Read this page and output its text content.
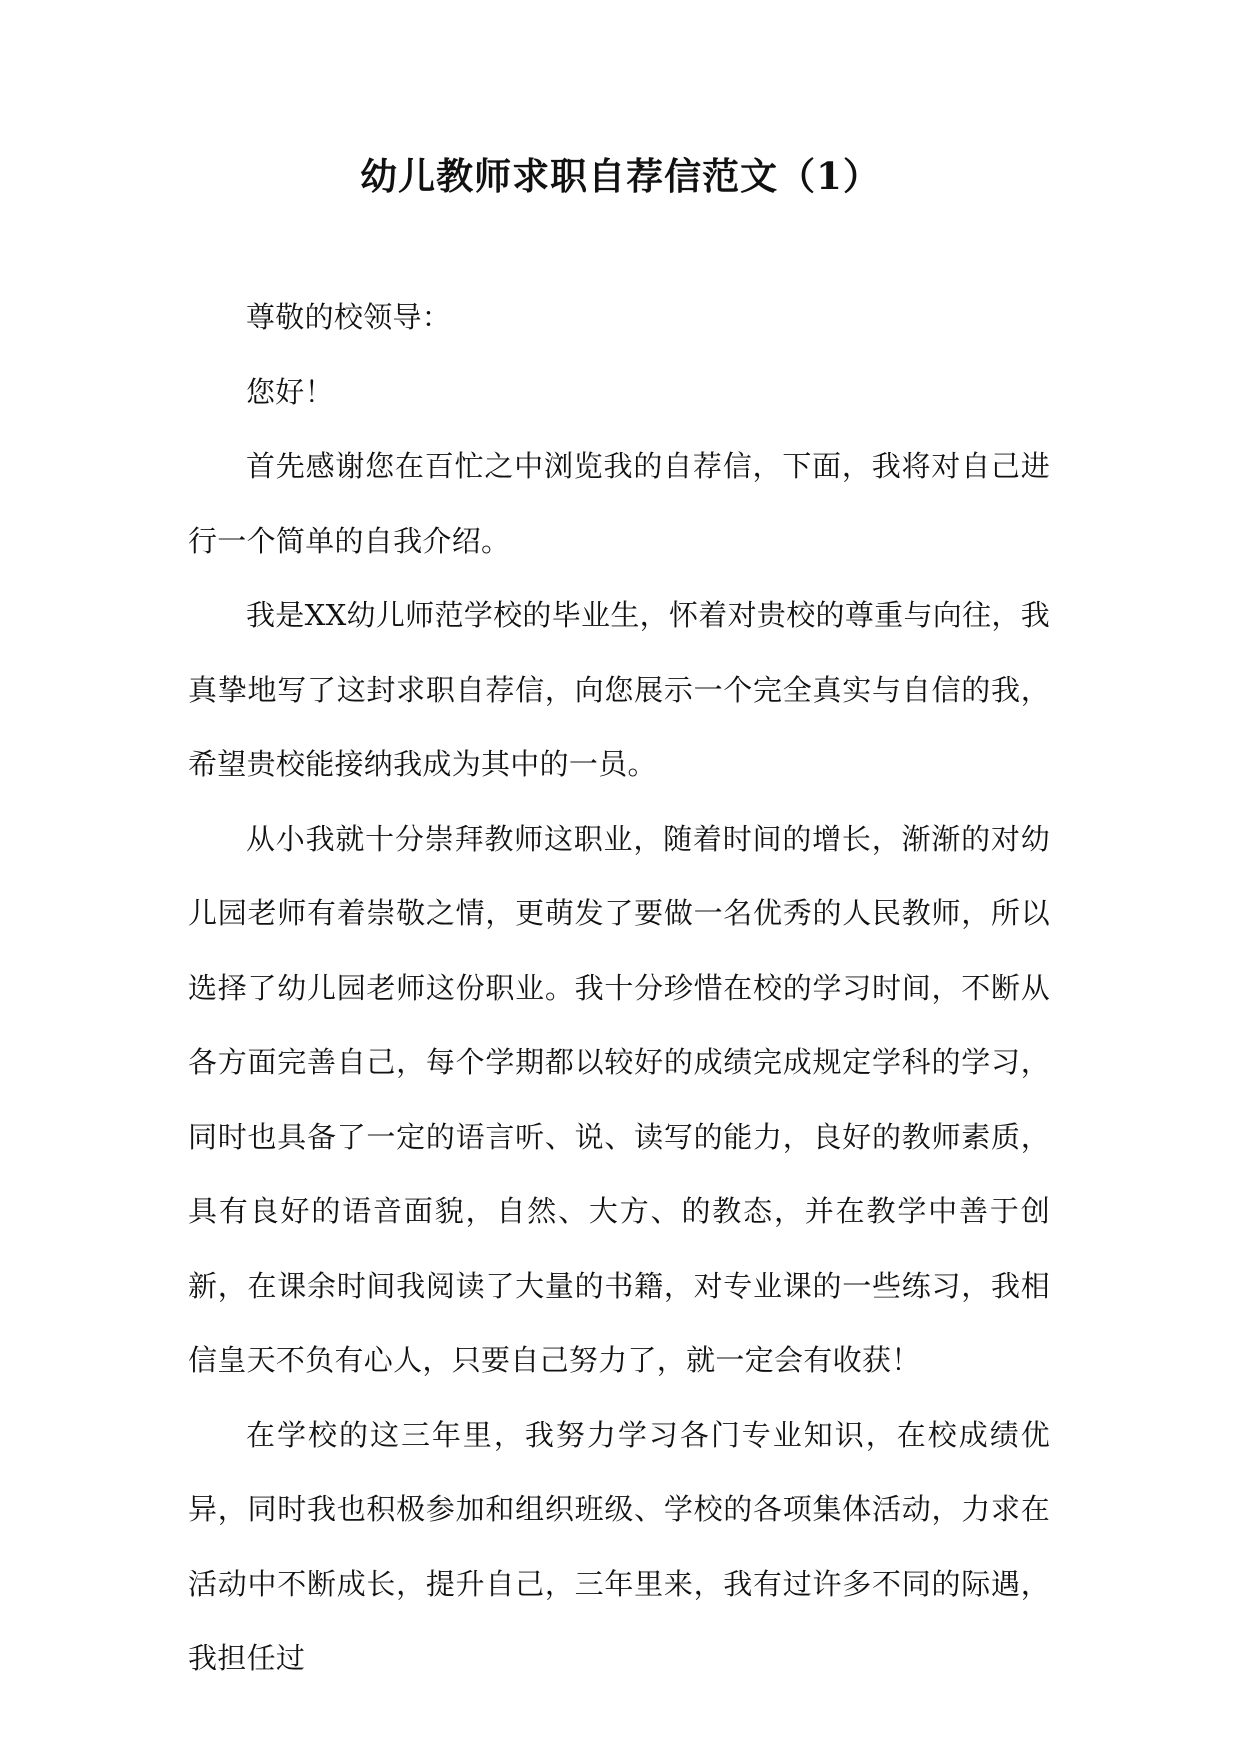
幼儿教师求职自荐信范文（1）

尊敬的校领导：

您好！

首先感谢您在百忙之中浏览我的自荐信，下面，我将对自己进行一个简单的自我介绍。

我是XX幼儿师范学校的毕业生，怀着对贵校的尊重与向往，我真挚地写了这封求职自荐信，向您展示一个完全真实与自信的我，希望贵校能接纳我成为其中的一员。

从小我就十分崇拜教师这职业，随着时间的增长，渐渐的对幼儿园老师有着崇敬之情，更萌发了要做一名优秀的人民教师，所以选择了幼儿园老师这份职业。我十分珍惜在校的学习时间，不断从各方面完善自己，每个学期都以较好的成绩完成规定学科的学习，同时也具备了一定的语言听、说、读写的能力，良好的教师素质，具有良好的语音面貌，自然、大方、的教态，并在教学中善于创新，在课余时间我阅读了大量的书籍，对专业课的一些练习，我相信皇天不负有心人，只要自己努力了，就一定会有收获！

在学校的这三年里，我努力学习各门专业知识，在校成绩优异，同时我也积极参加和组织班级、学校的各项集体活动，力求在活动中不断成长，提升自己，三年里来，我有过许多不同的际遇，我担任过
